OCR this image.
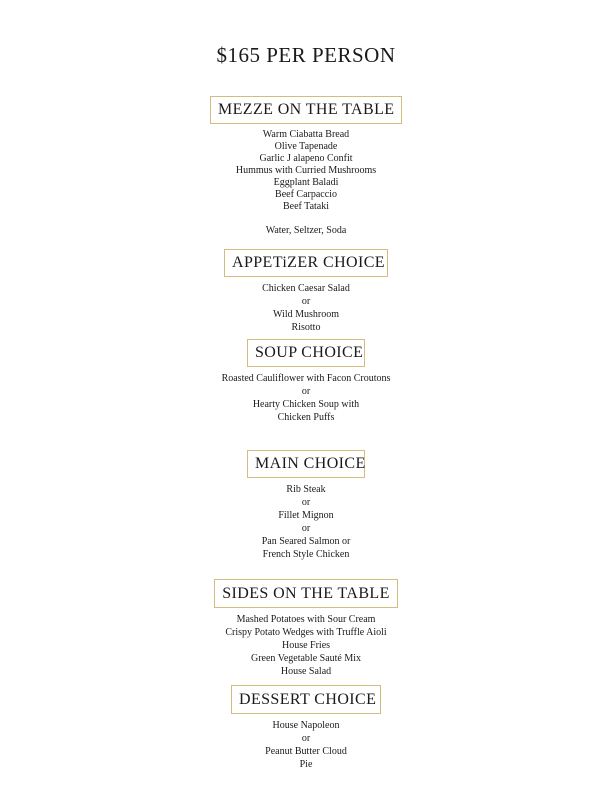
$165 PER PERSON
MEZZE ON THE TABLE
Warm Ciabatta Bread
Olive Tapenade
Garlic J alapeno Confit
Hummus with Curried Mushrooms
Eggplant Baladi
Beef Carpaccio
Beef Tataki
Water, Seltzer, Soda
APPETiZER CHOICE
Chicken Caesar Salad
or
Wild Mushroom
Risotto
SOUP CHOICE
Roasted Cauliflower with Facon Croutons
or
Hearty Chicken Soup with
Chicken Puffs
MAIN CHOICE
Rib Steak
or
Fillet Mignon
or
Pan Seared Salmon or
French Style Chicken
SIDES ON THE TABLE
Mashed Potatoes with Sour Cream
Crispy Potato Wedges with Truffle Aioli
House Fries
Green Vegetable Sauté Mix
House Salad
DESSERT CHOICE
House Napoleon
or
Peanut Butter Cloud
Pie
